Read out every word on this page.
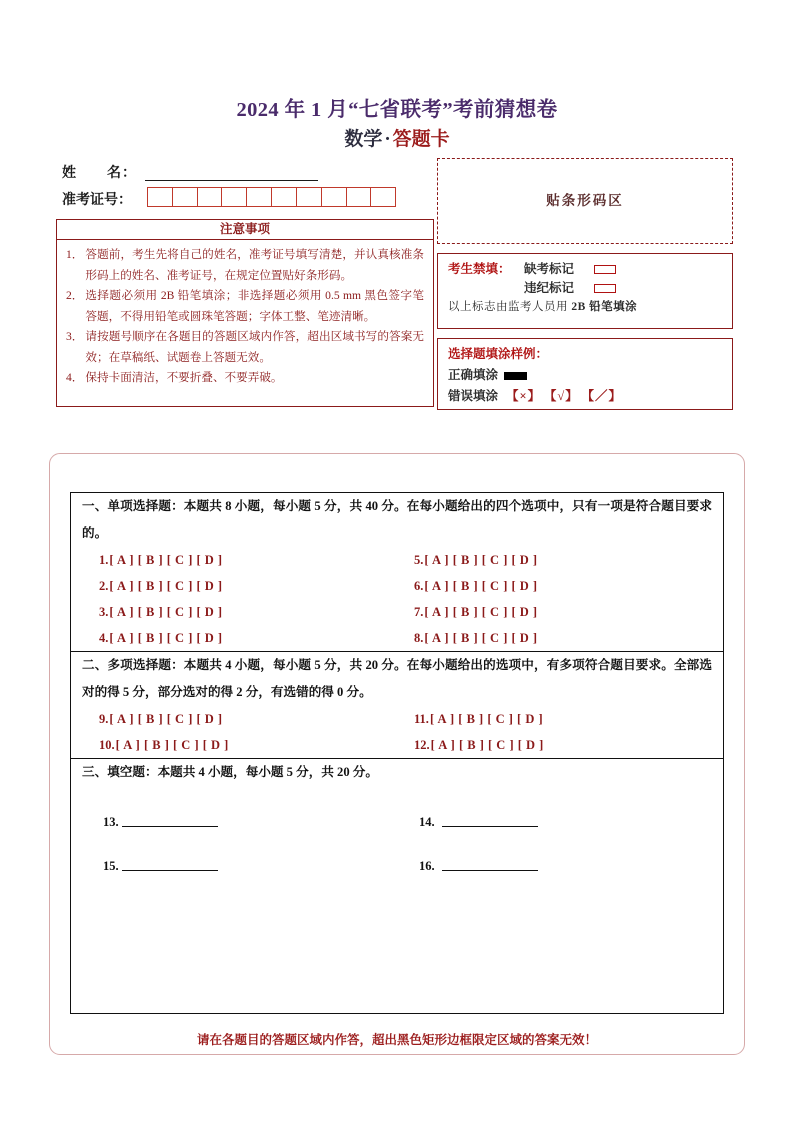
2024 年 1 月“七省联考”考前猜想卷
数学 · 答题卡
姓　　名：
准考证号：
注意事项
1． 答题前，考生先将自己的姓名，准考证号填写清楚，并认真核准条形码上的姓名、准考证号，在规定位置贴好条形码。
2． 选择题必须用 2B 铅笔填涂；非选择题必须用 0.5 mm 黑色签字笔答题，不得用铅笔或圆珠笔答题；字体工整、笔迹清晰。
3． 请按题号顺序在各题目的答题区域内作答，超出区域书写的答案无效；在草稿纸、试题卷上答题无效。
4． 保持卡面清洁，不要折叠、不要弄破。
贴条形码区
考生禁填：	缺考标记
违纪标记
以上标志由监考人员用 2B 铅笔填涂
选择题填涂样例：
正确填涂
错误填涂 【×】 【√】 【／】
一、单项选择题：本题共 8 小题，每小题 5 分，共 40 分。在每小题给出的四个选项中，只有一项是符合题目要求的。
1.[ A ] [ B ] [ C ] [ D ]	5.[ A ] [ B ] [ C ] [ D ]
2.[ A ] [ B ] [ C ] [ D ]	6.[ A ] [ B ] [ C ] [ D ]
3.[ A ] [ B ] [ C ] [ D ]	7.[ A ] [ B ] [ C ] [ D ]
4.[ A ] [ B ] [ C ] [ D ]	8.[ A ] [ B ] [ C ] [ D ]
二、多项选择题：本题共 4 小题，每小题 5 分，共 20 分。在每小题给出的选项中，有多项符合题目要求。全部选对的得 5 分，部分选对的得 2 分，有选错的得 0 分。
9.[ A ] [ B ] [ C ] [ D ]	11.[ A ] [ B ] [ C ] [ D ]
10.[ A ] [ B ] [ C ] [ D ]	12.[ A ] [ B ] [ C ] [ D ]
三、填空题：本题共 4 小题，每小题 5 分，共 20 分。
13.	14.
15.	16.
请在各题目的答题区域内作答，超出黑色矩形边框限定区域的答案无效！
